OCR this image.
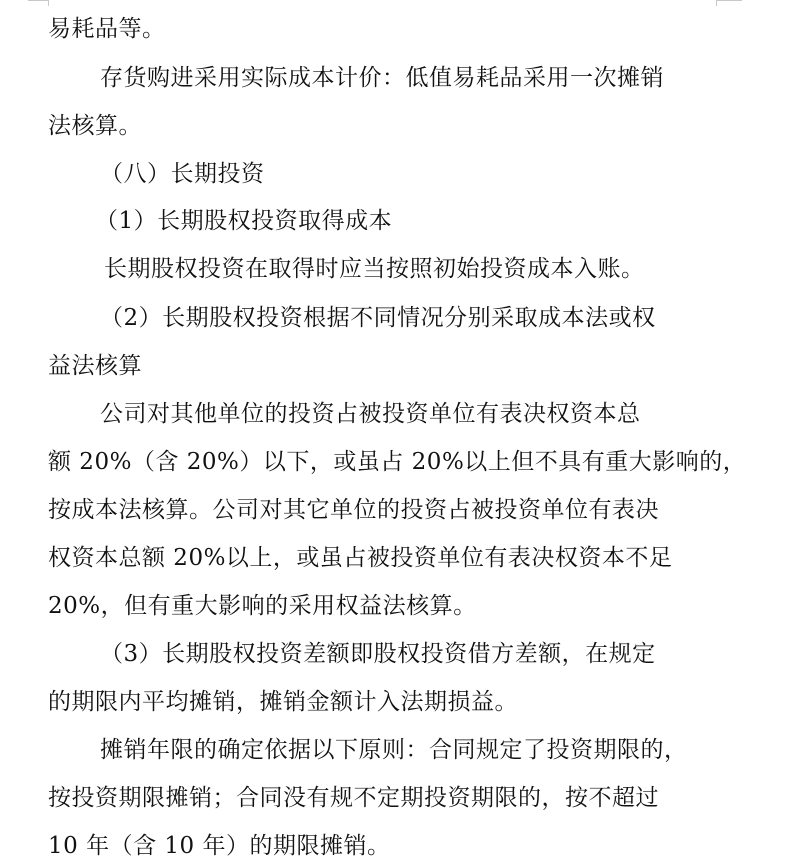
易耗品等。
存货购进采用实际成本计价：低值易耗品采用一次摊销
法核算。
（八）长期投资
（1）长期股权投资取得成本
长期股权投资在取得时应当按照初始投资成本入账。
（2）长期股权投资根据不同情况分别采取成本法或权
益法核算
公司对其他单位的投资占被投资单位有表决权资本总
额 20%（含 20%）以下，或虽占 20%以上但不具有重大影响的，
按成本法核算。公司对其它单位的投资占被投资单位有表决
权资本总额 20%以上，或虽占被投资单位有表决权资本不足
20%，但有重大影响的采用权益法核算。
（3）长期股权投资差额即股权投资借方差额，在规定
的期限内平均摊销，摊销金额计入法期损益。
摊销年限的确定依据以下原则：合同规定了投资期限的，
按投资期限摊销；合同没有规不定期投资期限的，按不超过
10 年（含 10 年）的期限摊销。
